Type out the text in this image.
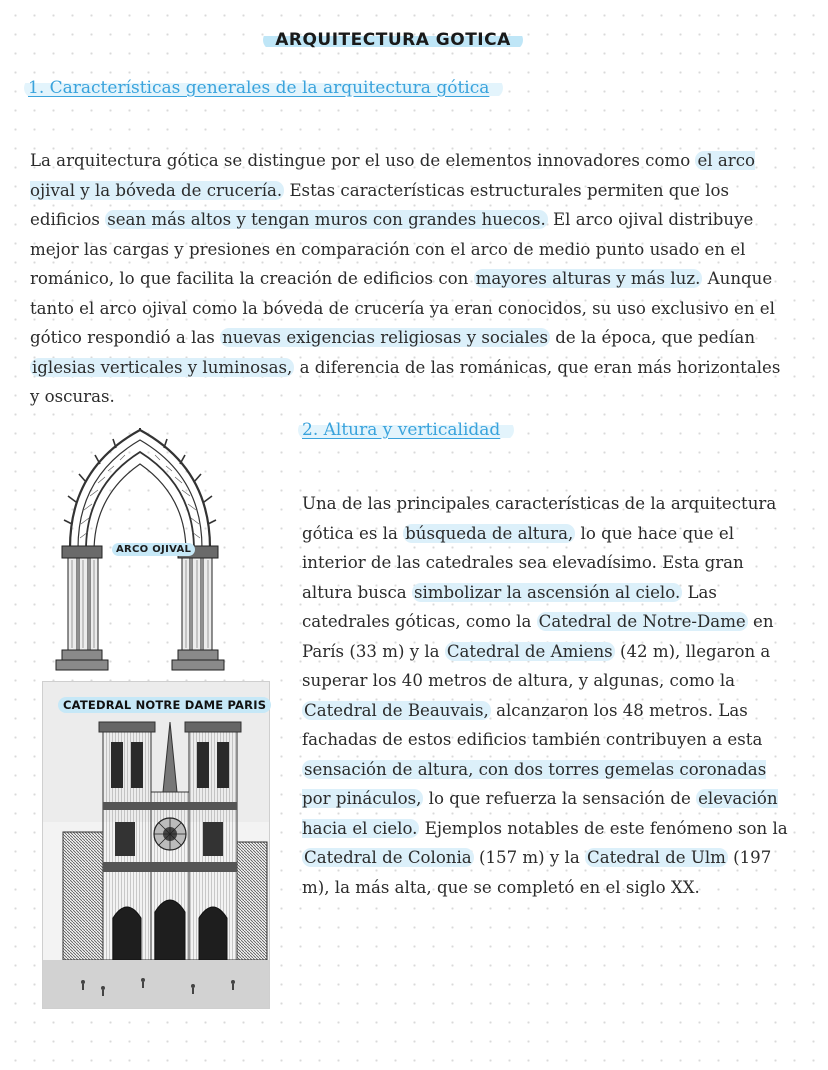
ARQUITECTURA GOTICA
1. Características generales de la arquitectura gótica

La arquitectura gótica se distingue por el uso de elementos innovadores como el arco ojival y la bóveda de crucería. Estas características estructurales permiten que los edificios sean más altos y tengan muros con grandes huecos. El arco ojival distribuye mejor las cargas y presiones en comparación con el arco de medio punto usado en el románico, lo que facilita la creación de edificios con mayores alturas y más luz. Aunque tanto el arco ojival como la bóveda de crucería ya eran conocidos, su uso exclusivo en el gótico respondió a las nuevas exigencias religiosas y sociales de la época, que pedían iglesias verticales y luminosas, a diferencia de las románicas, que eran más horizontales y oscuras.

2. Altura y verticalidad

Una de las principales características de la arquitectura gótica es la búsqueda de altura, lo que hace que el interior de las catedrales sea elevadísimo. Esta gran altura busca simbolizar la ascensión al cielo. Las catedrales góticas, como la Catedral de Notre-Dame en París (33 m) y la Catedral de Amiens (42 m), llegaron a superar los 40 metros de altura, y algunas, como la Catedral de Beauvais, alcanzaron los 48 metros. Las fachadas de estos edificios también contribuyen a esta sensación de altura, con dos torres gemelas coronadas por pináculos, lo que refuerza la sensación de elevación hacia el cielo. Ejemplos notables de este fenómeno son la Catedral de Colonia (157 m) y la Catedral de Ulm (197 m), la más alta, que se completó en el siglo XX.

ARCO OJIVAL
CATEDRAL NOTRE DAME PARIS
